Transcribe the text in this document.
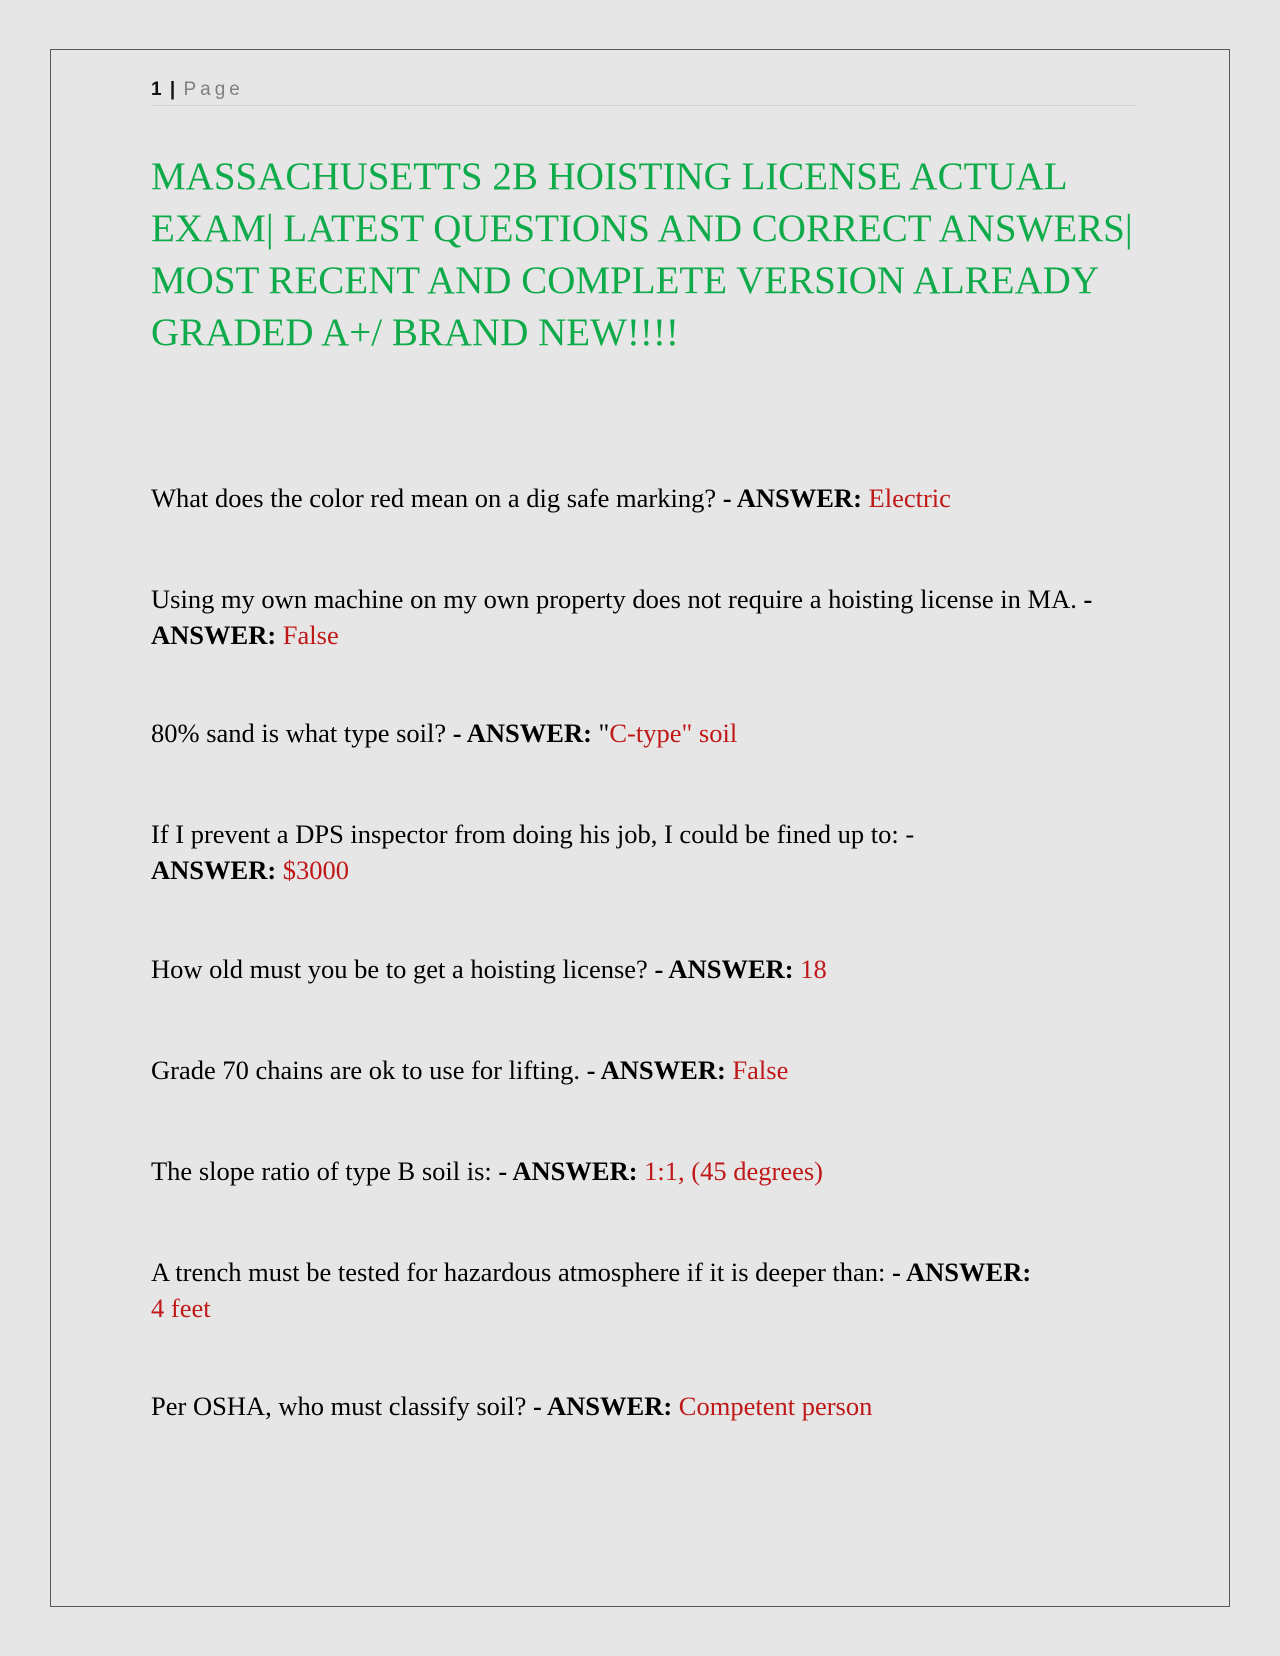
1 | Page
MASSACHUSETTS 2B HOISTING LICENSE ACTUAL EXAM| LATEST QUESTIONS AND CORRECT ANSWERS| MOST RECENT AND COMPLETE VERSION ALREADY GRADED A+/ BRAND NEW!!!!

What does the color red mean on a dig safe marking? - ANSWER: Electric

Using my own machine on my own property does not require a hoisting license in MA. - ANSWER: False

80% sand is what type soil? - ANSWER: "C-type" soil

If I prevent a DPS inspector from doing his job, I could be fined up to: -
ANSWER: $3000

How old must you be to get a hoisting license? - ANSWER: 18

Grade 70 chains are ok to use for lifting. - ANSWER: False

The slope ratio of type B soil is: - ANSWER: 1:1, (45 degrees)

A trench must be tested for hazardous atmosphere if it is deeper than: - ANSWER:
4 feet

Per OSHA, who must classify soil? - ANSWER: Competent person
